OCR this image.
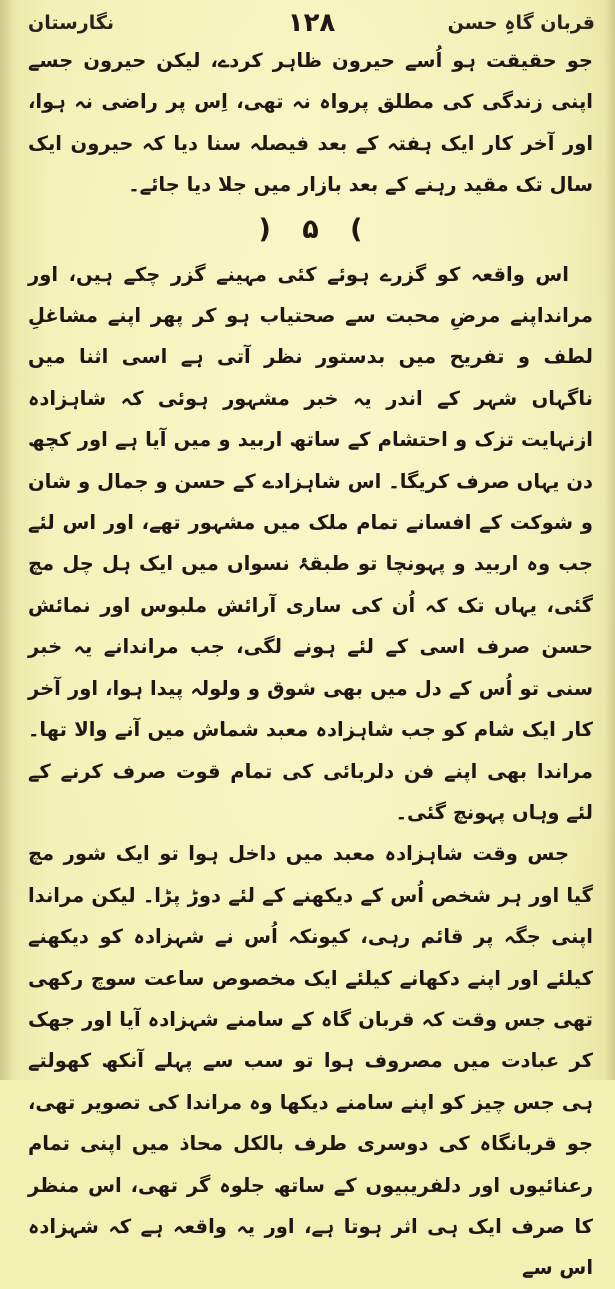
قربان گاہِ حسن
۱۲۸
نگارستان

جو حقیقت ہو اُسے حیرون ظاہر کردے، لیکن حیرون جسے اپنی زندگی کی مطلق پرواہ نہ تھی، اِس پر راضی نہ ہوا، اور آخر کار ایک ہفتہ کے بعد فیصلہ سنا دیا کہ حیرون ایک سال تک مقید رہنے کے بعد بازار میں جلا دیا جائے۔

) ۵ (

اس واقعہ کو گزرے ہوئے کئی مہینے گزر چکے ہیں، اور مرانداپنے مرضِ محبت سے صحتیاب ہو کر پھر اپنے مشاغلِ لطف و تفریح میں بدستور نظر آتی ہے اسی اثنا میں ناگہاں شہر کے اندر یہ خبر مشہور ہوئی کہ شاہزادہ ازنہایت تزک و احتشام کے ساتھ اربید و میں آیا ہے اور کچھ دن یہاں صرف کریگا۔ اس شاہزادے کے حسن و جمال و شان و شوکت کے افسانے تمام ملک میں مشہور تھے، اور اس لئے جب وہ اربید و پہونچا تو طبقۂ نسواں میں ایک ہل چل مچ گئی، یہاں تک کہ اُن کی ساری آرائش ملبوس اور نمائش حسن صرف اسی کے لئے ہونے لگی، جب مراندانے یہ خبر سنی تو اُس کے دل میں بھی شوق و ولولہ پیدا ہوا، اور آخر کار ایک شام کو جب شاہزادہ معبد شماش میں آنے والا تھا۔ مراندا بھی اپنے فن دلربائی کی تمام قوت صرف کرنے کے لئے وہاں پہونچ گئی۔

جس وقت شاہزادہ معبد میں داخل ہوا تو ایک شور مچ گیا اور ہر شخص اُس کے دیکھنے کے لئے دوڑ پڑا۔ لیکن مراندا اپنی جگہ پر قائم رہی، کیونکہ اُس نے شہزادہ کو دیکھنے کیلئے اور اپنے دکھانے کیلئے ایک مخصوص ساعت سوچ رکھی تھی جس وقت کہ قربان گاہ کے سامنے شہزادہ آیا اور جھک کر عبادت میں مصروف ہوا تو سب سے پہلے آنکھ کھولتے ہی جس چیز کو اپنے سامنے دیکھا وہ مراندا کی تصویر تھی، جو قربانگاہ کی دوسری طرف بالکل محاذ میں اپنی تمام رعنائیوں اور دلفریبیوں کے ساتھ جلوہ گر تھی، اس منظر کا صرف ایک ہی اثر ہوتا ہے، اور یہ واقعہ ہے کہ شہزادہ اس سے
